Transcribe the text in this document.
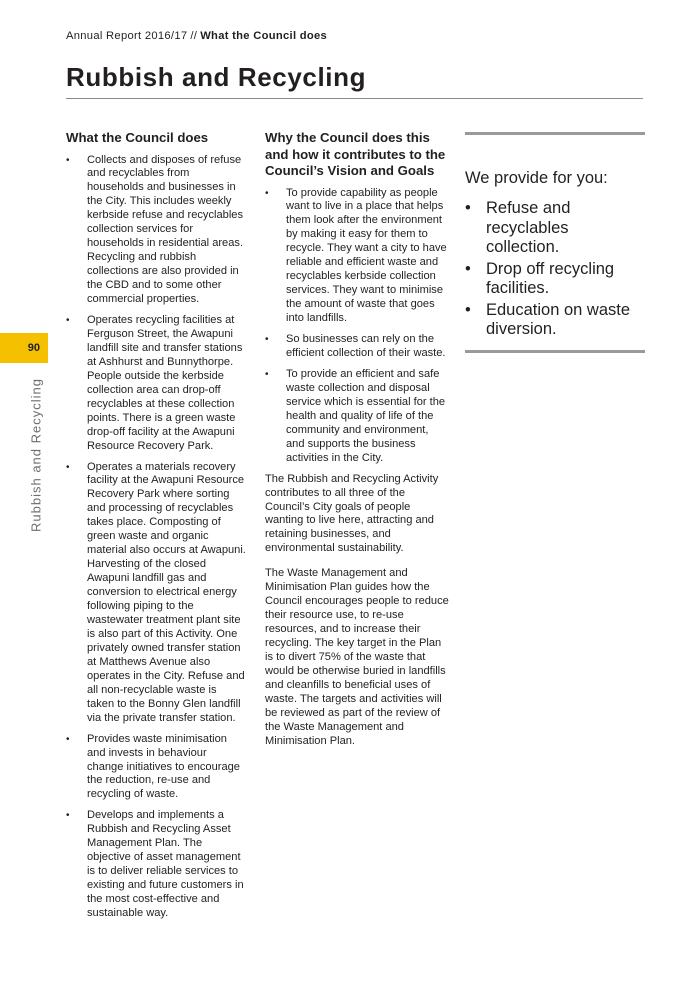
Annual Report 2016/17 // What the Council does
Rubbish and Recycling
90
Rubbish and Recycling
What the Council does
• Collects and disposes of refuse and recyclables from households and businesses in the City. This includes weekly kerbside refuse and recyclables collection services for households in residential areas. Recycling and rubbish collections are also provided in the CBD and to some other commercial properties.
• Operates recycling facilities at Ferguson Street, the Awapuni landfill site and transfer stations at Ashhurst and Bunnythorpe. People outside the kerbside collection area can drop-off recyclables at these collection points. There is a green waste drop-off facility at the Awapuni Resource Recovery Park.
• Operates a materials recovery facility at the Awapuni Resource Recovery Park where sorting and processing of recyclables takes place. Composting of green waste and organic material also occurs at Awapuni. Harvesting of the closed Awapuni landfill gas and conversion to electrical energy following piping to the wastewater treatment plant site is also part of this Activity. One privately owned transfer station at Matthews Avenue also operates in the City. Refuse and all non-recyclable waste is taken to the Bonny Glen landfill via the private transfer station.
• Provides waste minimisation and invests in behaviour change initiatives to encourage the reduction, re-use and recycling of waste.
• Develops and implements a Rubbish and Recycling Asset Management Plan. The objective of asset management is to deliver reliable services to existing and future customers in the most cost-effective and sustainable way.
Why the Council does this and how it contributes to the Council’s Vision and Goals
• To provide capability as people want to live in a place that helps them look after the environment by making it easy for them to recycle. They want a city to have reliable and efficient waste and recyclables kerbside collection services. They want to minimise the amount of waste that goes into landfills.
• So businesses can rely on the efficient collection of their waste.
• To provide an efficient and safe waste collection and disposal service which is essential for the health and quality of life of the community and environment, and supports the business activities in the City.

The Rubbish and Recycling Activity contributes to all three of the Council’s City goals of people wanting to live here, attracting and retaining businesses, and environmental sustainability.

The Waste Management and Minimisation Plan guides how the Council encourages people to reduce their resource use, to re-use resources, and to increase their recycling. The key target in the Plan is to divert 75% of the waste that would be otherwise buried in landfills and cleanfills to beneficial uses of waste. The targets and activities will be reviewed as part of the review of the Waste Management and Minimisation Plan.

We provide for you:
• Refuse and recyclables collection.
• Drop off recycling facilities.
• Education on waste diversion.
